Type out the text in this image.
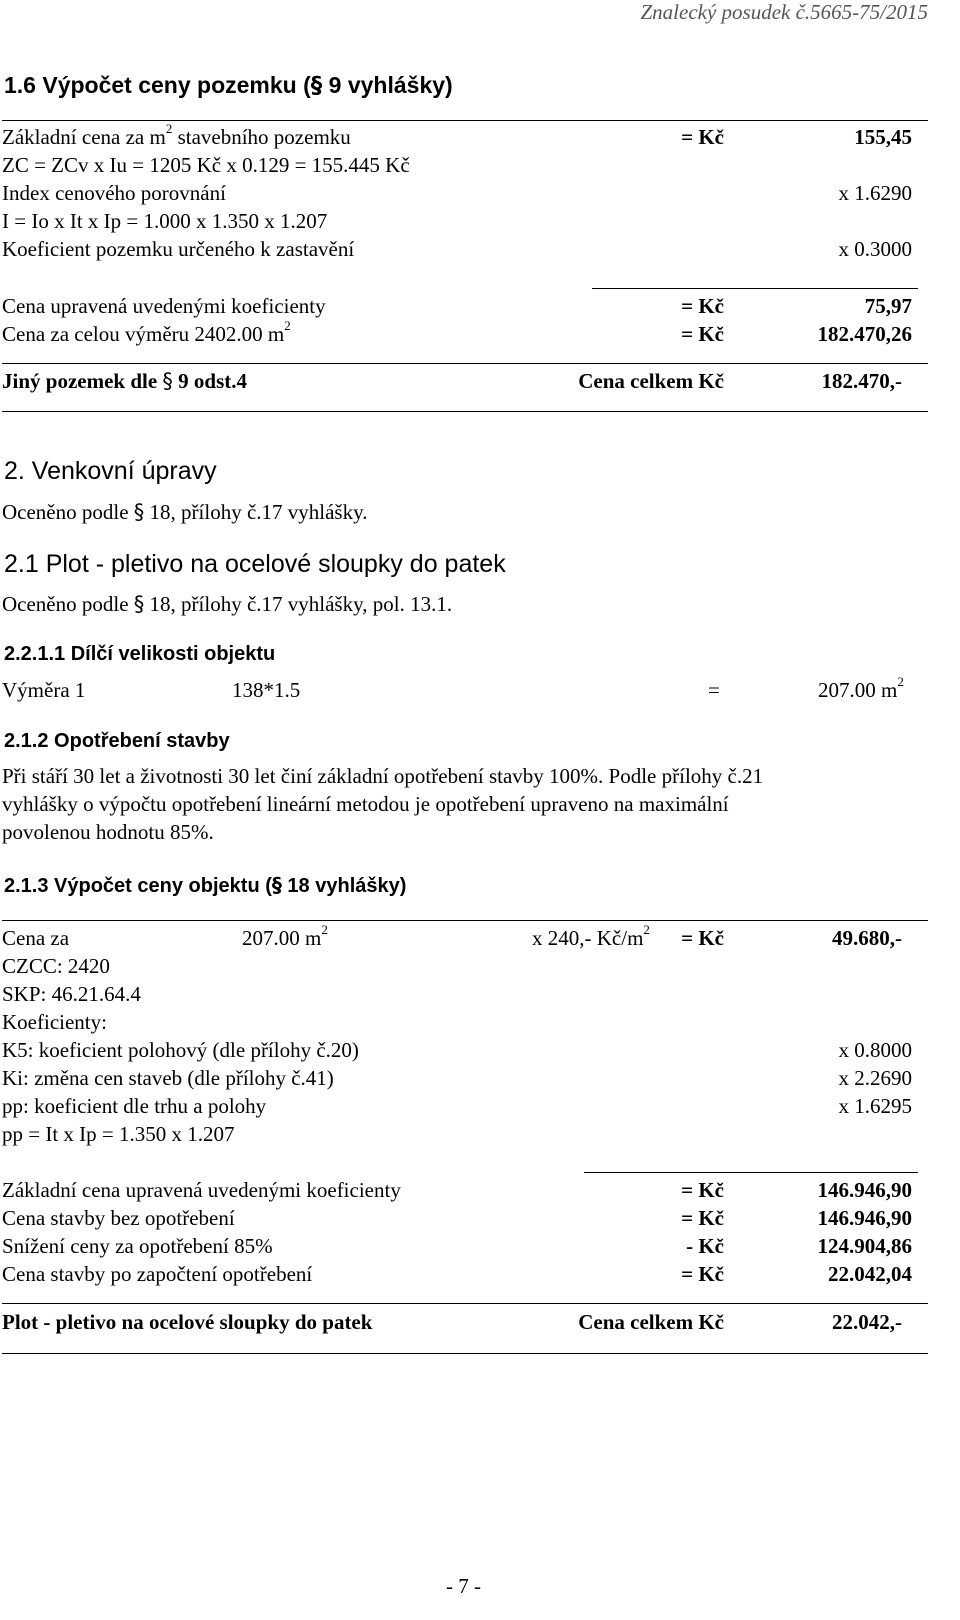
Znalecký posudek č.5665-75/2015
1.6 Výpočet ceny pozemku (§ 9 vyhlášky)
Základní cena za $m^2$ stavebního pozemku	= Kč	155,45
ZC = ZCv x Iu = 1205 Kč x 0.129 = 155.445 Kč
Index cenového porovnání	x 1.6290
I = Io x It x Ip = 1.000 x 1.350 x 1.207
Koeficient pozemku určeného k zastavění	x 0.3000
Cena upravená uvedenými koeficienty	= Kč	75,97
Cena za celou výměru 2402.00 $m^2$	= Kč	182.470,26
Jiný pozemek dle § 9 odst.4	Cena celkem Kč	182.470,-
2. Venkovní úpravy
Oceněno podle § 18, přílohy č.17 vyhlášky.
2.1 Plot - pletivo na ocelové sloupky do patek
Oceněno podle § 18, přílohy č.17 vyhlášky, pol. 13.1.
2.2.1.1 Dílčí velikosti objektu
Výměra 1	138*1.5	=	207.00 $m^2$
2.1.2 Opotřebení stavby
Při stáří 30 let a životnosti 30 let činí základní opotřebení stavby 100%. Podle přílohy č.21
vyhlášky o výpočtu opotřebení lineární metodou je opotřebení upraveno na maximální
povolenou hodnotu 85%.
2.1.3 Výpočet ceny objektu (§ 18 vyhlášky)
Cena za	207.00 $m^2$	x 240,- $Kč/m^2$ = Kč	49.680,-
CZCC: 2420
SKP: 46.21.64.4
Koeficienty:
K5: koeficient polohový (dle přílohy č.20)	x 0.8000
Ki: změna cen staveb (dle přílohy č.41)	x 2.2690
pp: koeficient dle trhu a polohy	x 1.6295
pp = It x Ip = 1.350 x 1.207
Základní cena upravená uvedenými koeficienty	= Kč	146.946,90
Cena stavby bez opotřebení	= Kč	146.946,90
Snížení ceny za opotřebení 85%	- Kč	124.904,86
Cena stavby po započtení opotřebení	= Kč	22.042,04
Plot - pletivo na ocelové sloupky do patek	Cena celkem Kč	22.042,-
- 7 -
